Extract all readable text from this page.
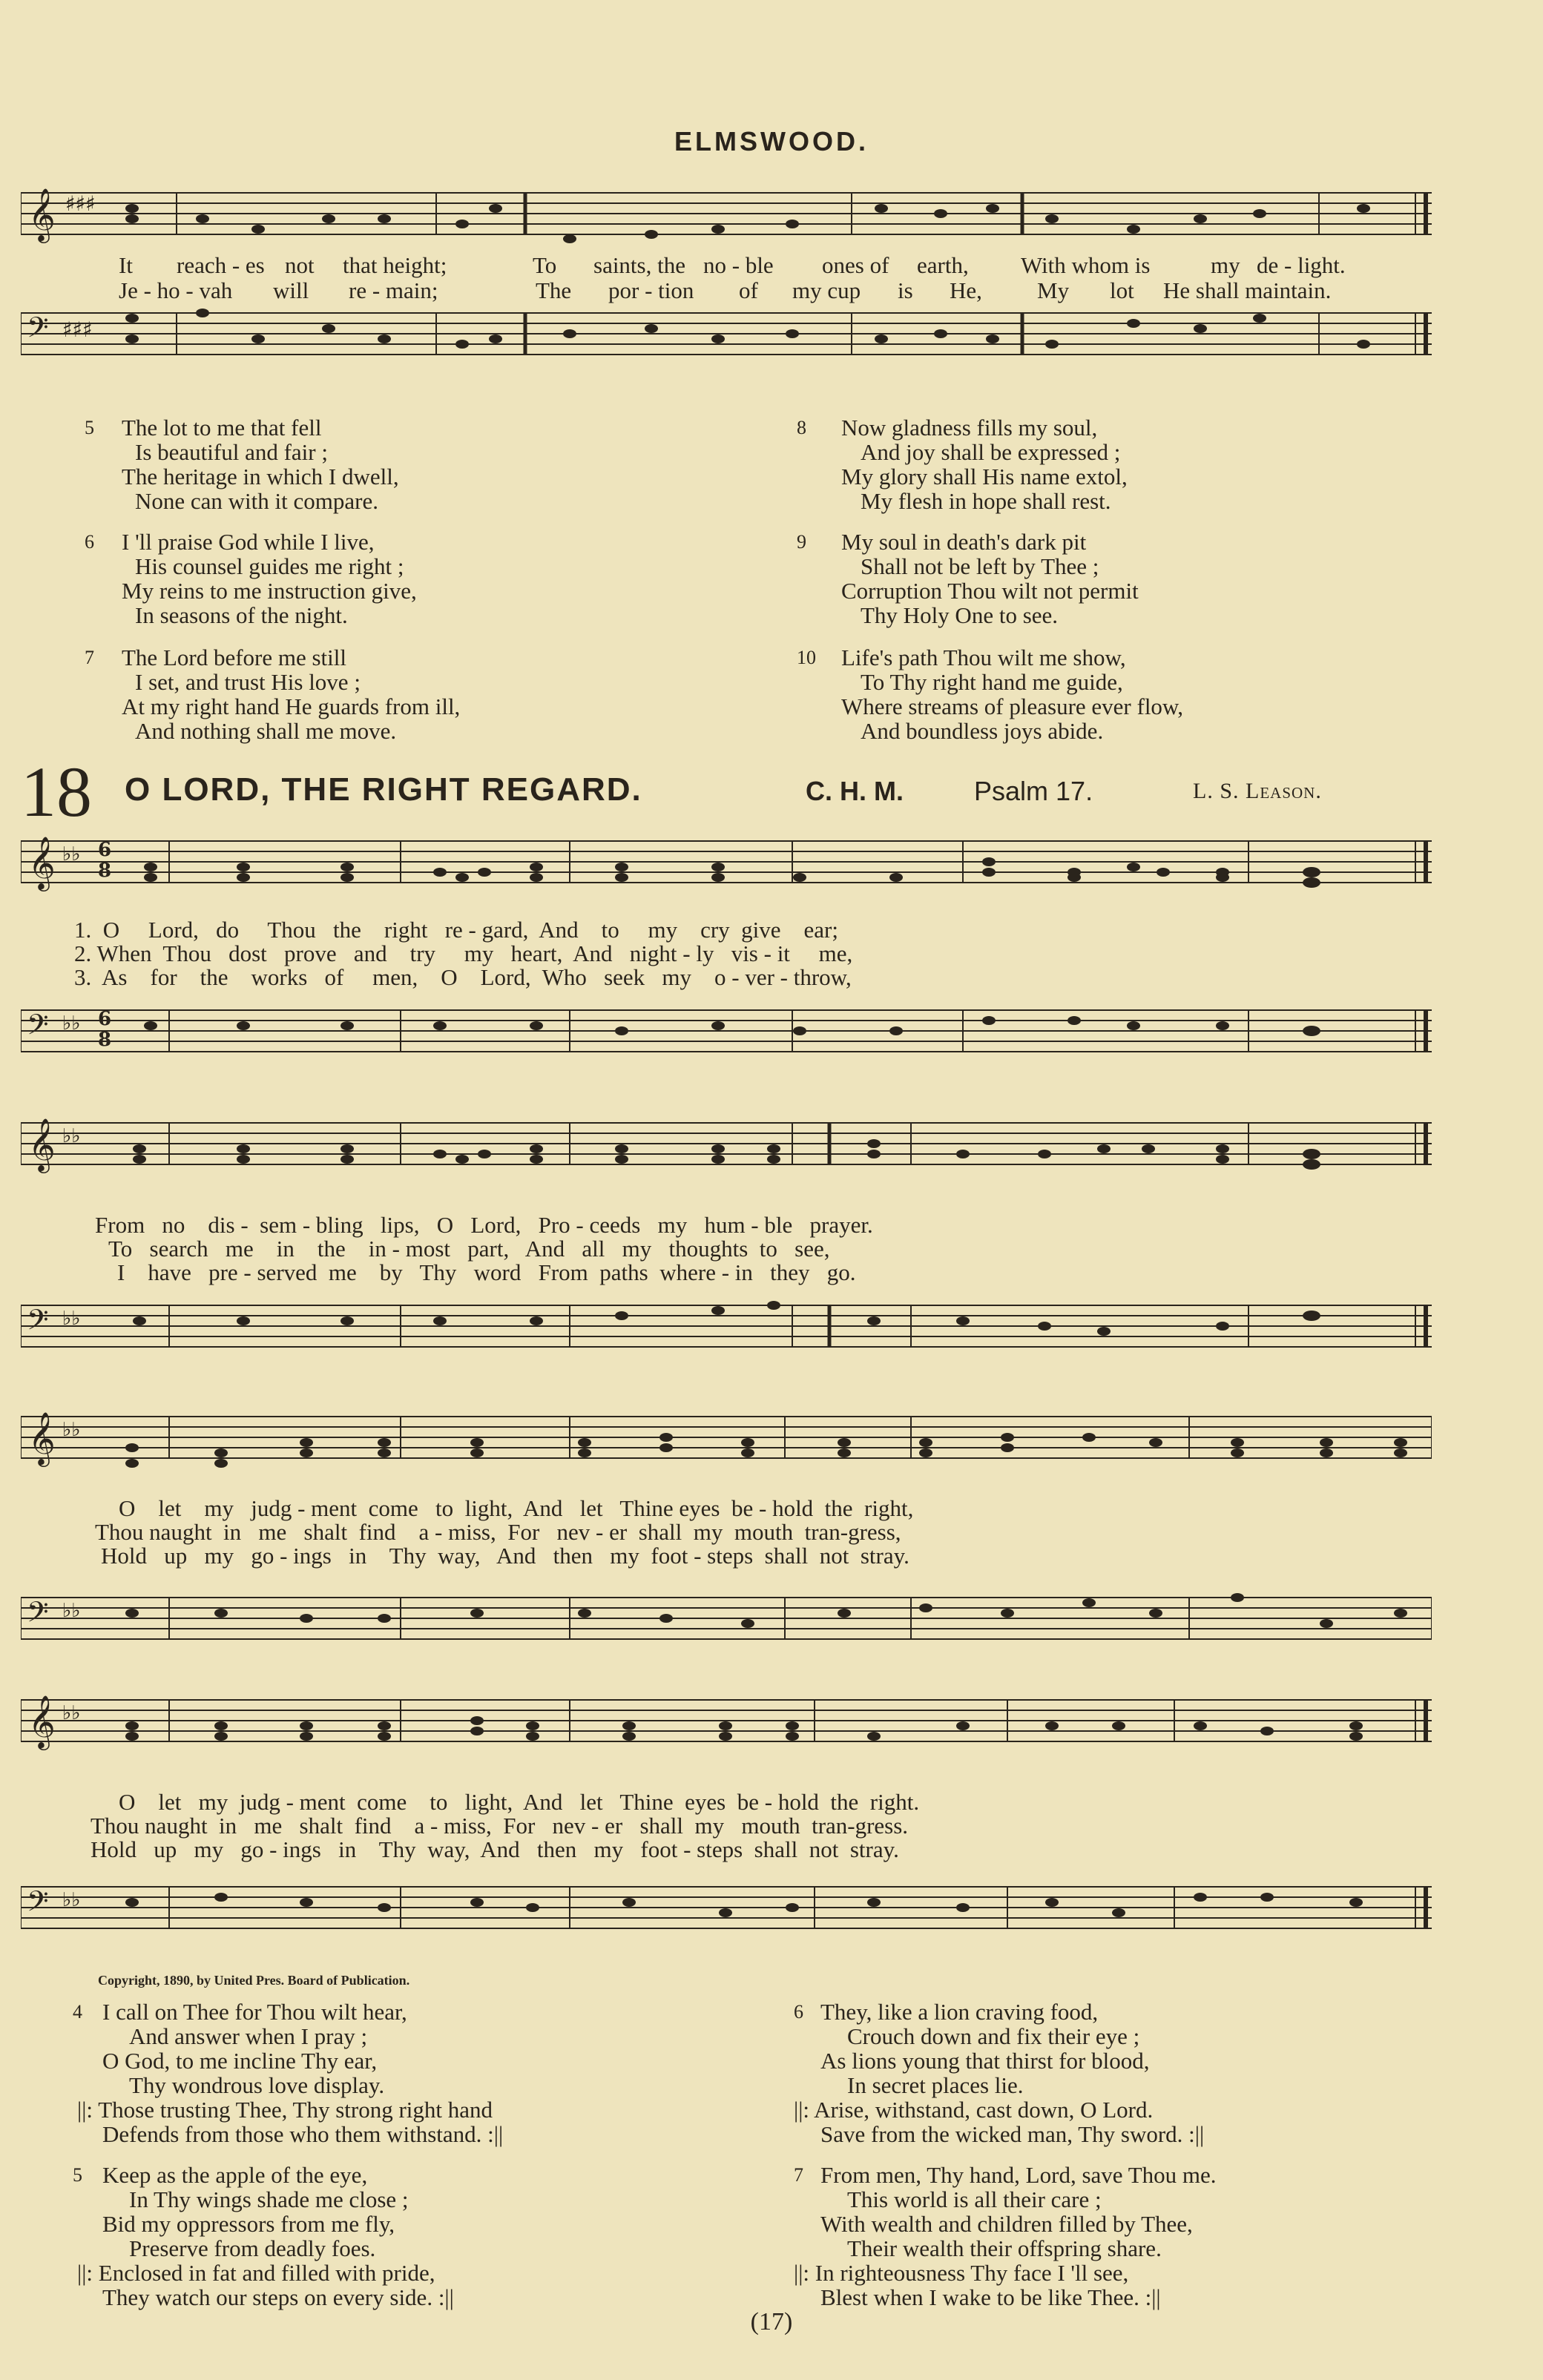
ELMSWOOD.
𝄞 ♯♯♯
It reach - es not that height;	To saints, the no - ble ones of earth, With whom is	my de - light.
Je - ho - vah will re - main;	The por - tion of my cup is He, My lot He shall maintain.
𝄢 ♯♯♯
5 The lot to me that fell
Is beautiful and fair ;
The heritage in which I dwell,
None can with it compare.
6 I 'll praise God while I live,
His counsel guides me right ;
My reins to me instruction give,
In seasons of the night.
7 The Lord before me still
I set, and trust His love ;
At my right hand He guards from ill,
And nothing shall me move.
8 Now gladness fills my soul,
And joy shall be expressed ;
My glory shall His name extol,
My flesh in hope shall rest.
9 My soul in death's dark pit
Shall not be left by Thee ;
Corruption Thou wilt not permit
Thy Holy One to see.
10 Life's path Thou wilt me show,
To Thy right hand me guide,
Where streams of pleasure ever flow,
And boundless joys abide.
18 O LORD, THE RIGHT REGARD.	C. H. M.	Psalm 17.	L. S. Leason.
𝄞 ♭♭ 6
8
1.  O     Lord,   do     Thou   the    right   re - gard,  And    to     my    cry  give    ear;
2. When  Thou   dost   prove   and    try     my   heart,  And   night - ly   vis - it     me,
3.  As    for    the    works   of     men,    O    Lord,  Who   seek   my    o - ver - throw,
𝄢 ♭♭ 6
8
𝄞 ♭♭
From   no    dis -  sem - bling   lips,   O   Lord,   Pro - ceeds   my   hum - ble   prayer.
To   search   me    in    the    in - most   part,   And   all   my   thoughts  to   see,
I    have   pre - served  me    by   Thy   word   From  paths  where - in   they   go.
𝄢 ♭♭
𝄞 ♭♭
O    let    my   judg - ment  come   to  light,  And   let   Thine eyes  be - hold  the  right,
Thou naught  in   me   shalt  find    a - miss,  For   nev - er  shall  my  mouth  tran-gress,
Hold   up   my   go - ings   in    Thy  way,   And   then   my  foot - steps  shall  not  stray.
𝄢 ♭♭
𝄞 ♭♭
O    let   my  judg - ment  come    to   light,  And   let   Thine  eyes  be - hold  the  right.
Thou naught  in   me   shalt  find    a - miss,  For   nev - er   shall  my   mouth  tran-gress.
Hold   up   my   go - ings   in    Thy  way,  And   then   my   foot - steps  shall  not  stray.
𝄢 ♭♭
Copyright, 1890, by United Pres. Board of Publication.
4 I call on Thee for Thou wilt hear,
And answer when I pray ;
O God, to me incline Thy ear,
Thy wondrous love display.
||: Those trusting Thee, Thy strong right hand
Defends from those who them withstand. :||
5 Keep as the apple of the eye,
In Thy wings shade me close ;
Bid my oppressors from me fly,
Preserve from deadly foes.
||: Enclosed in fat and filled with pride,
They watch our steps on every side. :||
6 They, like a lion craving food,
Crouch down and fix their eye ;
As lions young that thirst for blood,
In secret places lie.
||: Arise, withstand, cast down, O Lord.
Save from the wicked man, Thy sword. :||
7 From men, Thy hand, Lord, save Thou me.
This world is all their care ;
With wealth and children filled by Thee,
Their wealth their offspring share.
||: In righteousness Thy face I 'll see,
Blest when I wake to be like Thee. :||
(17)
